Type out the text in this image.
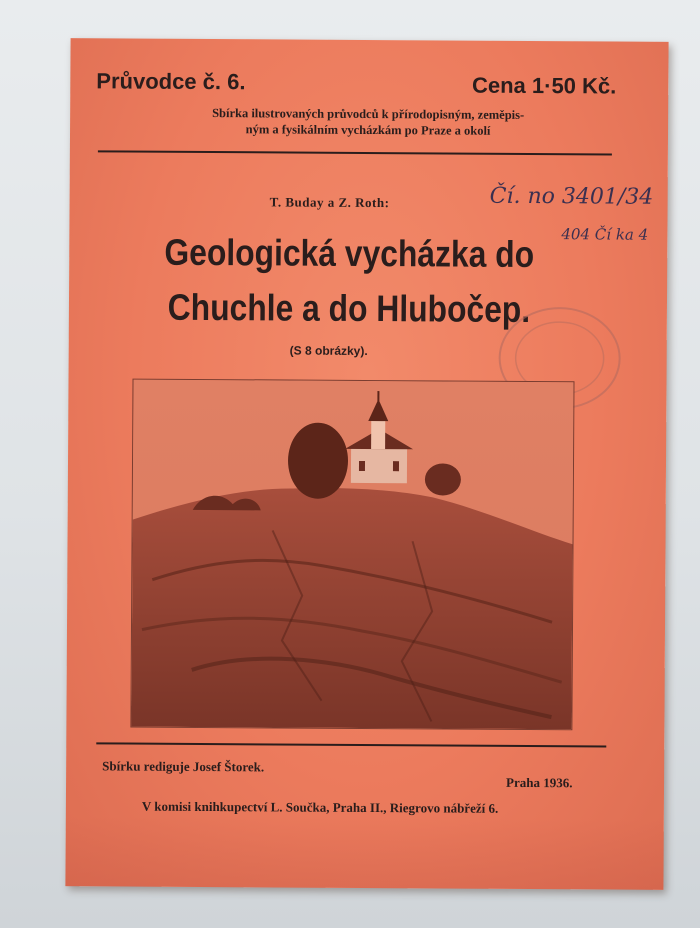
Průvodce č. 6.	Cena 1·50 Kč.
Sbírka ilustrovaných průvodců k přírodopisným, zeměpis-
ným a fysikálním vycházkám po Praze a okolí
Čí. no 3401/34
404 Čí ka 4
T. Buday a Z. Roth:
Geologická vycházka do
Chuchle a do Hlubočep.
(S 8 obrázky).
Sbírku rediguje Josef Štorek.
Praha 1936.
V komisi knihkupectví L. Součka, Praha II., Riegrovo nábřeží 6.
